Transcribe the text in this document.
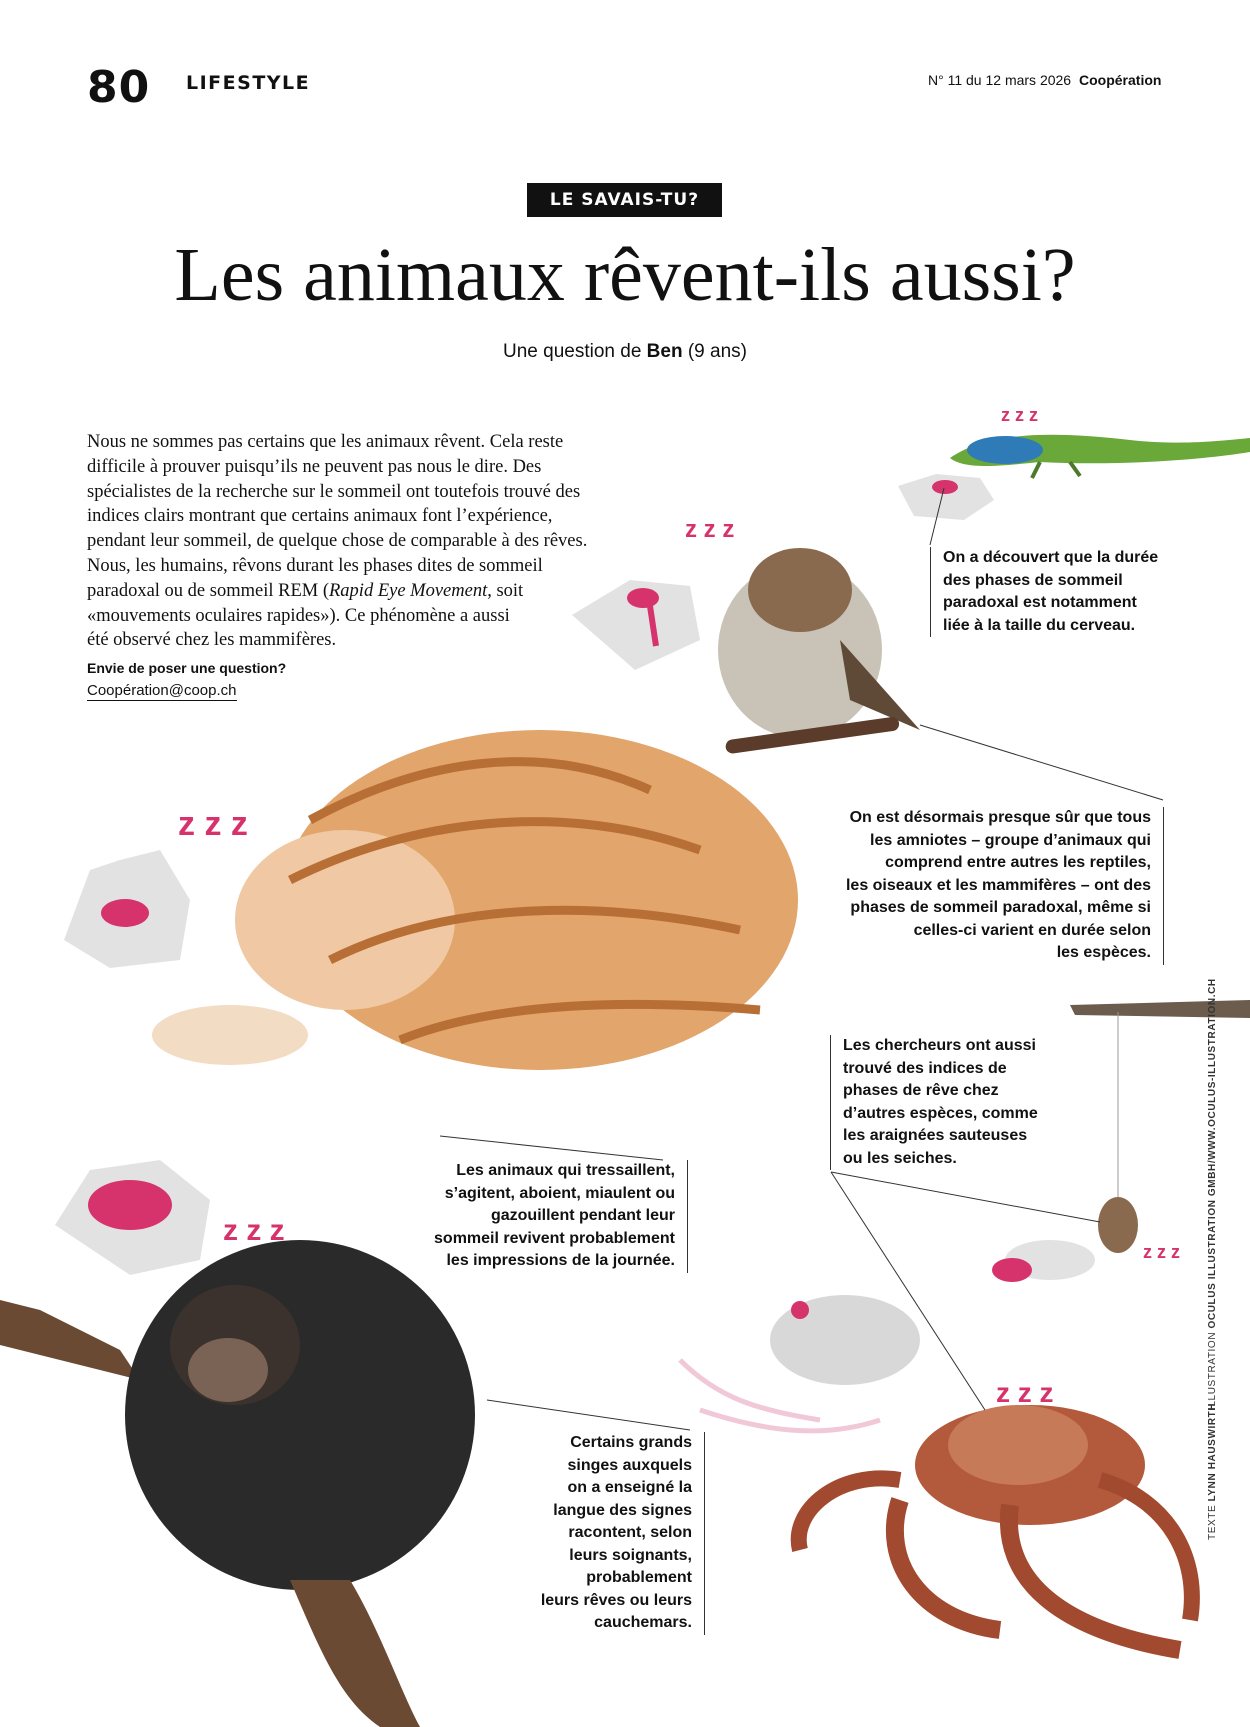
z z z
z z z
z z z
z z z
z z z
z z z
80 LIFESTYLE	N° 11 du 12 mars 2026 Coopération
LE SAVAIS-TU?
Les animaux rêvent-ils aussi?
Une question de Ben (9 ans)
Nous ne sommes pas certains que les animaux rêvent. Cela reste
difficile à prouver puisqu’ils ne peuvent pas nous le dire. Des
spécialistes de la recherche sur le sommeil ont toutefois trouvé des
indices clairs montrant que certains animaux font l’expérience,
pendant leur sommeil, de quelque chose de comparable à des rêves.
Nous, les humains, rêvons durant les phases dites de sommeil
paradoxal ou de sommeil REM (Rapid Eye Movement, soit
«mouvements oculaires rapides»). Ce phénomène a aussi
été observé chez les mammifères.
Envie de poser une question?
Coopération@coop.ch
On a découvert que la durée
des phases de sommeil
paradoxal est notamment
liée à la taille du cerveau.
On est désormais presque sûr que tous
les amniotes – groupe d’animaux qui
comprend entre autres les reptiles,
les oiseaux et les mammifères – ont des
phases de sommeil paradoxal, même si
celles-ci varient en durée selon
les espèces.
Les chercheurs ont aussi
trouvé des indices de
phases de rêve chez
d’autres espèces, comme
les araignées sauteuses
ou les seiches.
Les animaux qui tressaillent,
s’agitent, aboient, miaulent ou
gazouillent pendant leur
sommeil revivent probablement
les impressions de la journée.
Certains grands
singes auxquels
on a enseigné la
langue des signes
racontent, selon
leurs soignants,
probablement
leurs rêves ou leurs
cauchemars.
TEXTE LYNN HAUSWIRTH
ILLUSTRATION OCULUS ILLUSTRATION GMBH/WWW.OCULUS-ILLUSTRATION.CH
